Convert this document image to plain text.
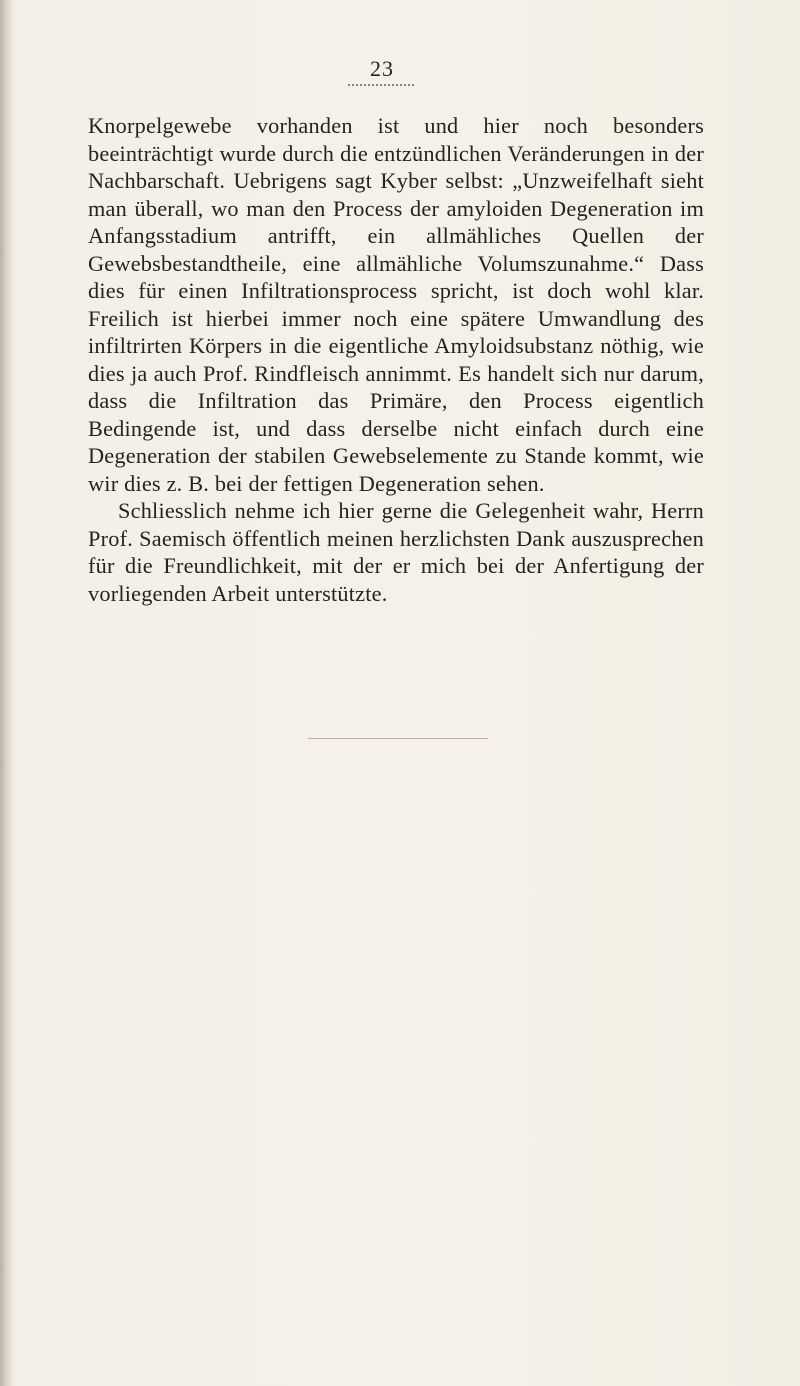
23

Knorpelgewebe vorhanden ist und hier noch besonders beeinträchtigt wurde durch die entzündlichen Veränderungen in der Nachbarschaft. Uebrigens sagt Kyber selbst: „Unzweifelhaft sieht man überall, wo man den Process der amyloiden Degeneration im Anfangsstadium antrifft, ein allmähliches Quellen der Gewebsbestandtheile, eine allmähliche Volumszunahme.“ Dass dies für einen Infiltrationsprocess spricht, ist doch wohl klar. Freilich ist hierbei immer noch eine spätere Umwandlung des infiltrirten Körpers in die eigentliche Amyloidsubstanz nöthig, wie dies ja auch Prof. Rindfleisch annimmt. Es handelt sich nur darum, dass die Infiltration das Primäre, den Process eigentlich Bedingende ist, und dass derselbe nicht einfach durch eine Degeneration der stabilen Gewebselemente zu Stande kommt, wie wir dies z. B. bei der fettigen Degeneration sehen.

Schliesslich nehme ich hier gerne die Gelegenheit wahr, Herrn Prof. Saemisch öffentlich meinen herzlichsten Dank auszusprechen für die Freundlichkeit, mit der er mich bei der Anfertigung der vorliegenden Arbeit unterstützte.
